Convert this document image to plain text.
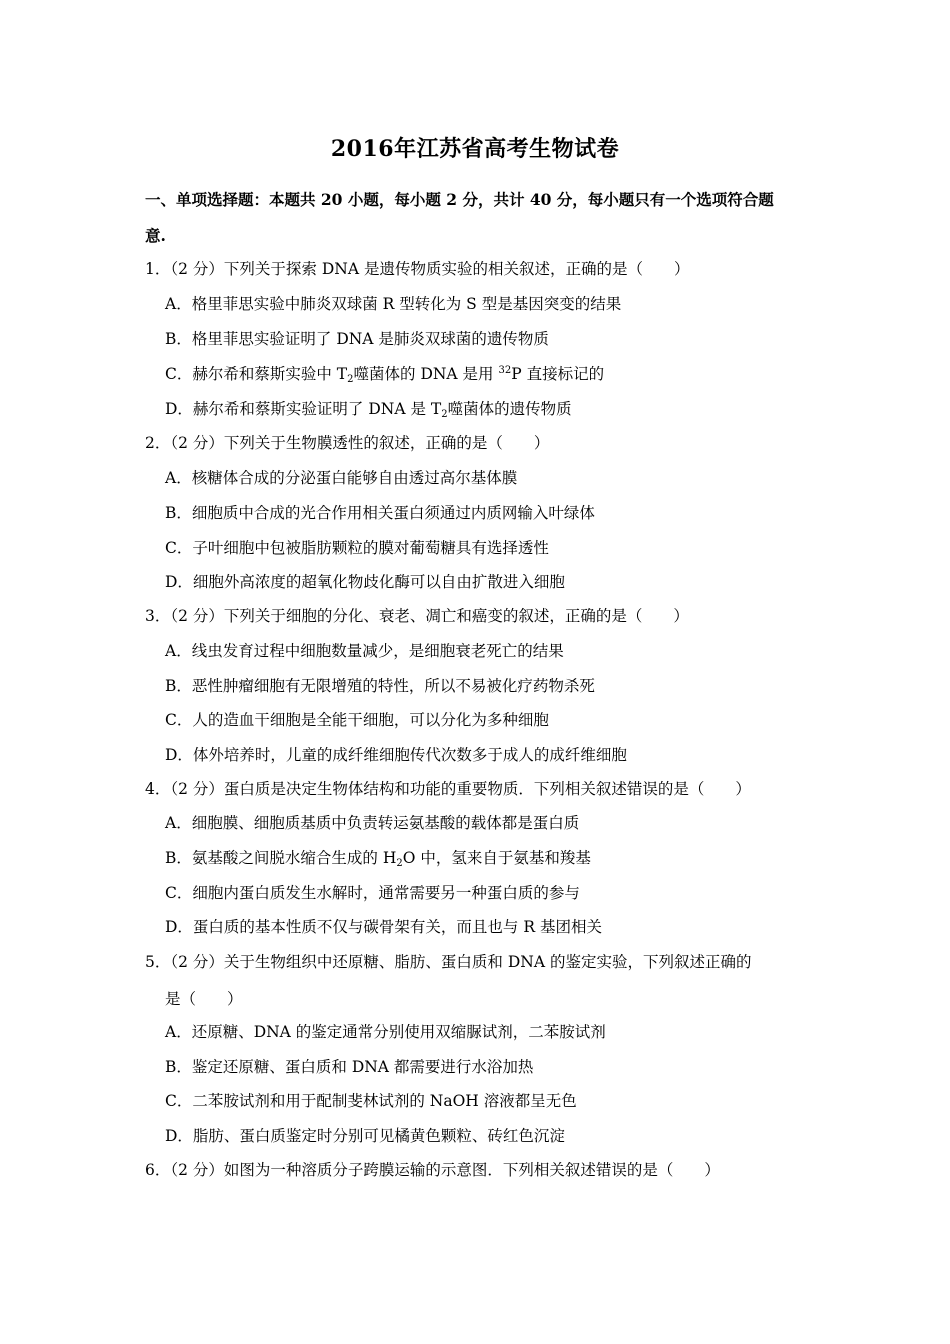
2016年江苏省高考生物试卷
一、单项选择题：本题共 20 小题，每小题 2 分，共计 40 分，每小题只有一个选项符合题
意.
1．（2 分）下列关于探索 DNA 是遗传物质实验的相关叙述，正确的是（　　）
A．格里菲思实验中肺炎双球菌 R 型转化为 S 型是基因突变的结果
B．格里菲思实验证明了 DNA 是肺炎双球菌的遗传物质
C．赫尔希和蔡斯实验中 $T_2$噬菌体的 DNA 是用 $^{32}$P 直接标记的
D．赫尔希和蔡斯实验证明了 DNA 是 $T_2$噬菌体的遗传物质
2．（2 分）下列关于生物膜透性的叙述，正确的是（　　）
A．核糖体合成的分泌蛋白能够自由透过高尔基体膜
B．细胞质中合成的光合作用相关蛋白须通过内质网输入叶绿体
C．子叶细胞中包被脂肪颗粒的膜对葡萄糖具有选择透性
D．细胞外高浓度的超氧化物歧化酶可以自由扩散进入细胞
3．（2 分）下列关于细胞的分化、衰老、凋亡和癌变的叙述，正确的是（　　）
A．线虫发育过程中细胞数量减少，是细胞衰老死亡的结果
B．恶性肿瘤细胞有无限增殖的特性，所以不易被化疗药物杀死
C．人的造血干细胞是全能干细胞，可以分化为多种细胞
D．体外培养时，儿童的成纤维细胞传代次数多于成人的成纤维细胞
4．（2 分）蛋白质是决定生物体结构和功能的重要物质．下列相关叙述错误的是（　　）
A．细胞膜、细胞质基质中负责转运氨基酸的载体都是蛋白质
B．氨基酸之间脱水缩合生成的 $H_2O$ 中，氢来自于氨基和羧基
C．细胞内蛋白质发生水解时，通常需要另一种蛋白质的参与
D．蛋白质的基本性质不仅与碳骨架有关，而且也与 R 基团相关
5．（2 分）关于生物组织中还原糖、脂肪、蛋白质和 DNA 的鉴定实验，下列叙述正确的
是（　　）
A．还原糖、DNA 的鉴定通常分别使用双缩脲试剂，二苯胺试剂
B．鉴定还原糖、蛋白质和 DNA 都需要进行水浴加热
C．二苯胺试剂和用于配制斐林试剂的 NaOH 溶液都呈无色
D．脂肪、蛋白质鉴定时分别可见橘黄色颗粒、砖红色沉淀
6．（2 分）如图为一种溶质分子跨膜运输的示意图．下列相关叙述错误的是（　　）
